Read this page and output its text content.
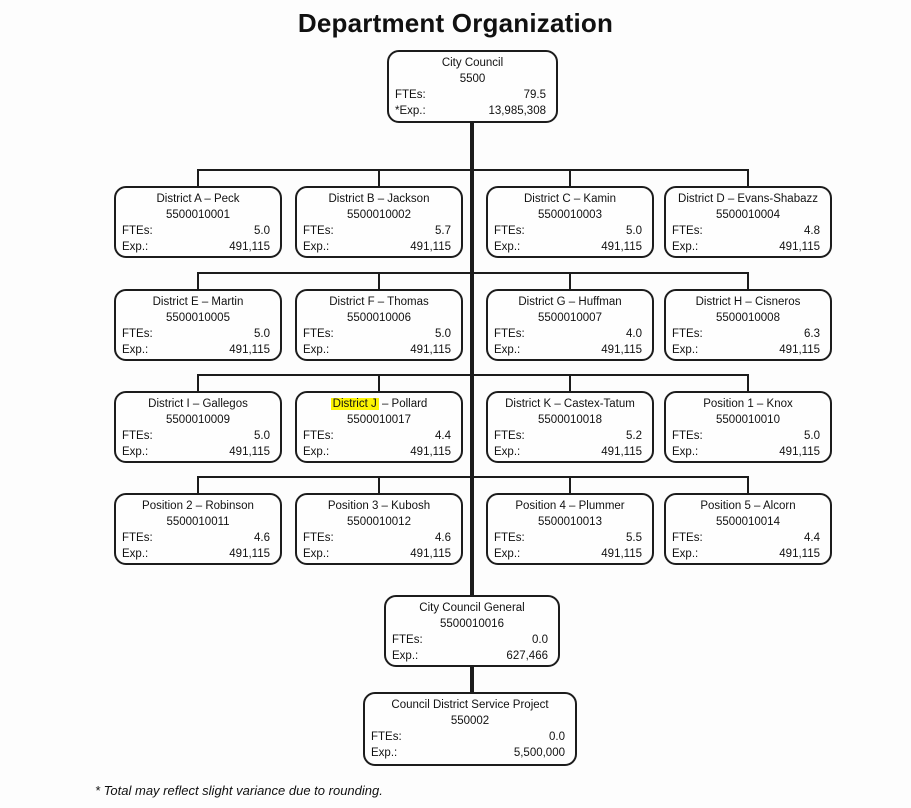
Department Organization
City Council
5500
FTEs:	79.5
*Exp.:	13,985,308
District A – Peck
5500010001
FTEs:	5.0
Exp.:	491,115
District B – Jackson
5500010002
FTEs:	5.7
Exp.:	491,115
District C – Kamin
5500010003
FTEs:	5.0
Exp.:	491,115
District D – Evans-Shabazz
5500010004
FTEs:	4.8
Exp.:	491,115
District E – Martin
5500010005
FTEs:	5.0
Exp.:	491,115
District F – Thomas
5500010006
FTEs:	5.0
Exp.:	491,115
District G – Huffman
5500010007
FTEs:	4.0
Exp.:	491,115
District H – Cisneros
5500010008
FTEs:	6.3
Exp.:	491,115
District I – Gallegos
5500010009
FTEs:	5.0
Exp.:	491,115
District J – Pollard
5500010017
FTEs:	4.4
Exp.:	491,115
District K – Castex-Tatum
5500010018
FTEs:	5.2
Exp.:	491,115
Position 1 – Knox
5500010010
FTEs:	5.0
Exp.:	491,115
Position 2 – Robinson
5500010011
FTEs:	4.6
Exp.:	491,115
Position 3 – Kubosh
5500010012
FTEs:	4.6
Exp.:	491,115
Position 4 – Plummer
5500010013
FTEs:	5.5
Exp.:	491,115
Position 5 – Alcorn
5500010014
FTEs:	4.4
Exp.:	491,115
City Council General
5500010016
FTEs:	0.0
Exp.:	627,466
Council District Service Project
550002
FTEs:	0.0
Exp.:	5,500,000
* Total may reflect slight variance due to rounding.
